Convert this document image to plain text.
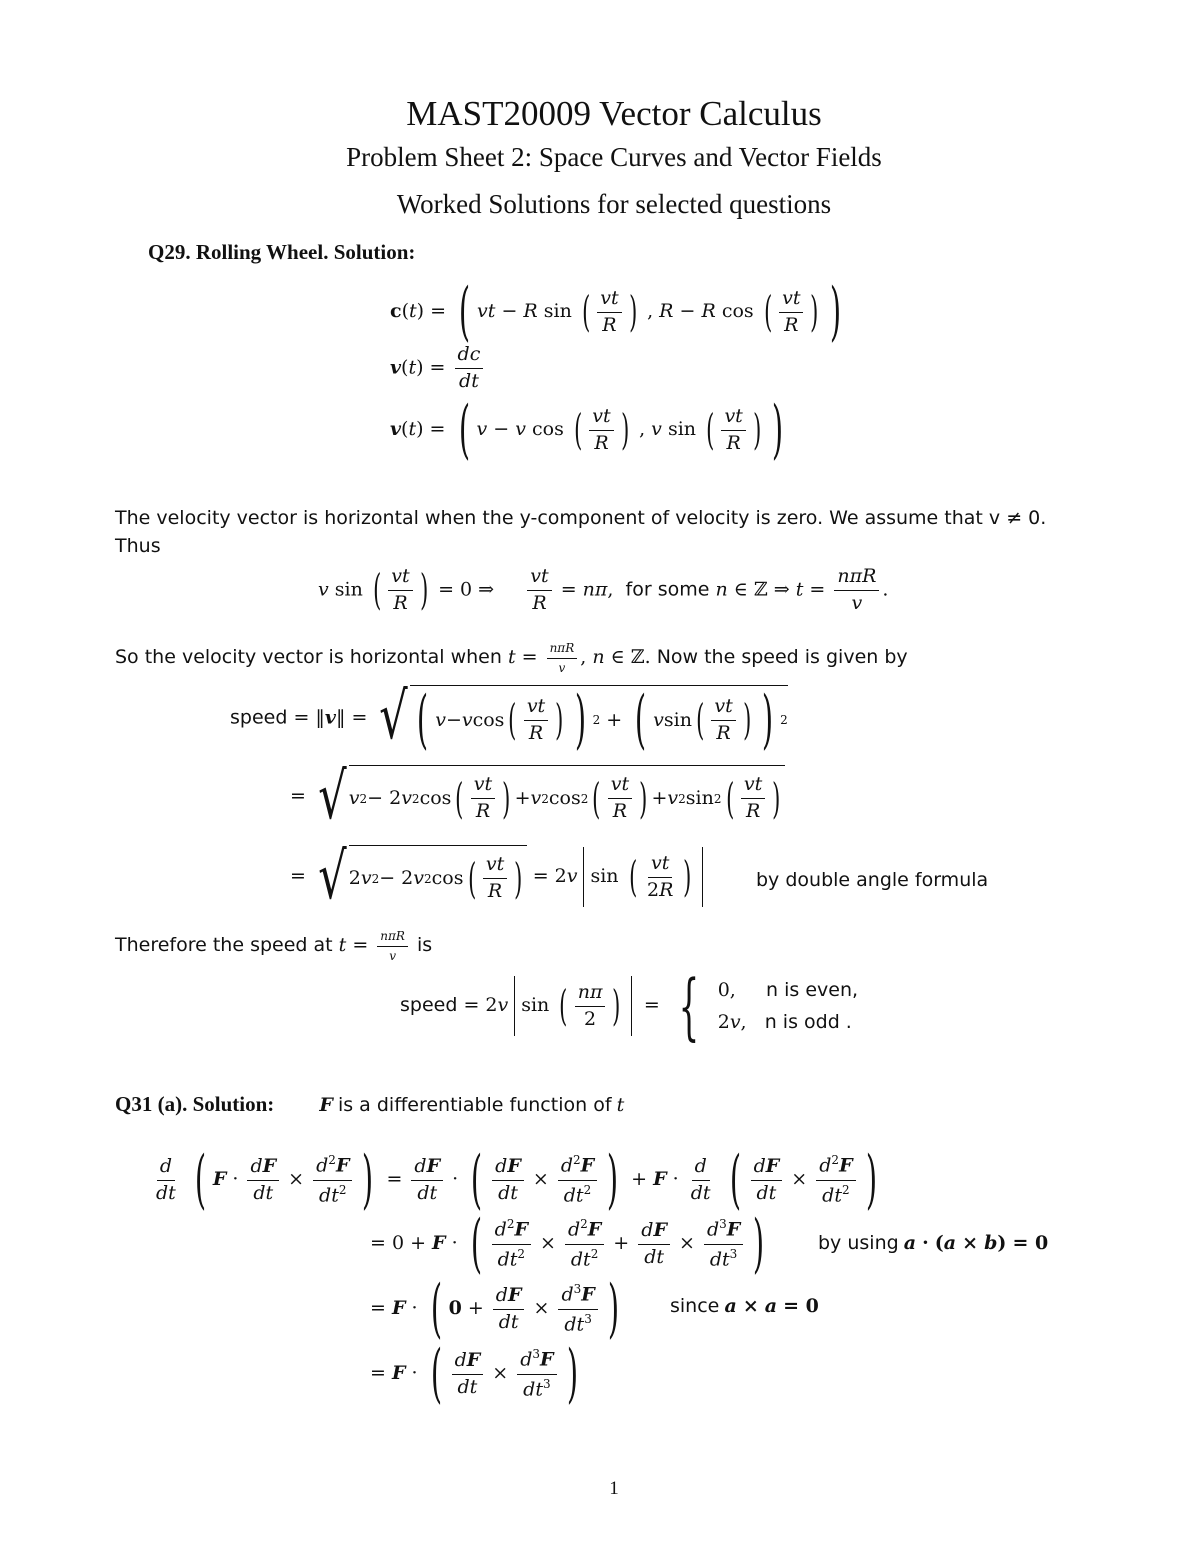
MAST20009 Vector Calculus
Problem Sheet 2: Space Curves and Vector Fields
Worked Solutions for selected questions
Q29. Rolling Wheel. Solution:
c(t) = ( vt − R sin ( $\frac{vt}{R}$ ) , R − R cos ( $\frac{vt}{R}$ ) )
$v(t) = \frac{dc}{dt}$
v(t) = ( v − v cos ( $\frac{vt}{R}$ ) , v sin ( $\frac{vt}{R}$ ) )
The velocity vector is horizontal when the y-component of velocity is zero. We assume that v ≠ 0.
Thus
v sin ( $\frac{vt}{R}$ ) = 0 ⇒ $\frac{vt}{R} = n\pi$,  for some n ∈ ℤ ⇒ $t = \frac{\text{nπR}}{v}$ .
So the velocity vector is horizontal when $t = \frac{\text{nπR}}{v}$ , n ∈ ℤ. Now the speed is given by
speed = ‖v‖ = √ ( v − v cos ( $\frac{vt}{R}$ ) ) 2 + ( v sin ( $\frac{vt}{R}$ ) ) 2
= √ v 2 − 2 v 2 cos ( $\frac{vt}{R}$ ) + v 2 cos 2 ( $\frac{vt}{R}$ ) + v 2 sin 2 ( $\frac{vt}{R}$ )
= √ 2 v 2 − 2 v 2 cos ( $\frac{vt}{R}$ ) = 2v sin ( $\frac{vt}{2R}$ )	by double angle formula
Therefore the speed at $t = \frac{\text{nπR}}{v}$ is
speed = 2v sin ( $\frac{n\pi}{2}$ ) = { 0,     n is even,
2v,   n is odd .
Q31 (a). Solution: F is a differentiable function of t
$\frac{d}{dt}$ ( $F \cdot \frac{dF}{dt} \times \frac{d^2F}{dt^2}$ ) = $\frac{dF}{dt}$ · ( $\frac{dF}{dt} \times \frac{d^2F}{dt^2}$ ) + $F \cdot \frac{d}{dt}$ ( $\frac{dF}{dt} \times \frac{d^2F}{dt^2}$ )
= 0 + F · ( $\frac{d^2F}{dt^2} \times \frac{d^2F}{dt^2} + \frac{dF}{dt} \times \frac{d^3F}{dt^3}$ )	by using a · (a × b) = 0
= F · ( $0 + \frac{dF}{dt} \times \frac{d^3F}{dt^3}$ )	since a × a = 0
= F · ( $\frac{dF}{dt} \times \frac{d^3F}{dt^3}$ )
1
